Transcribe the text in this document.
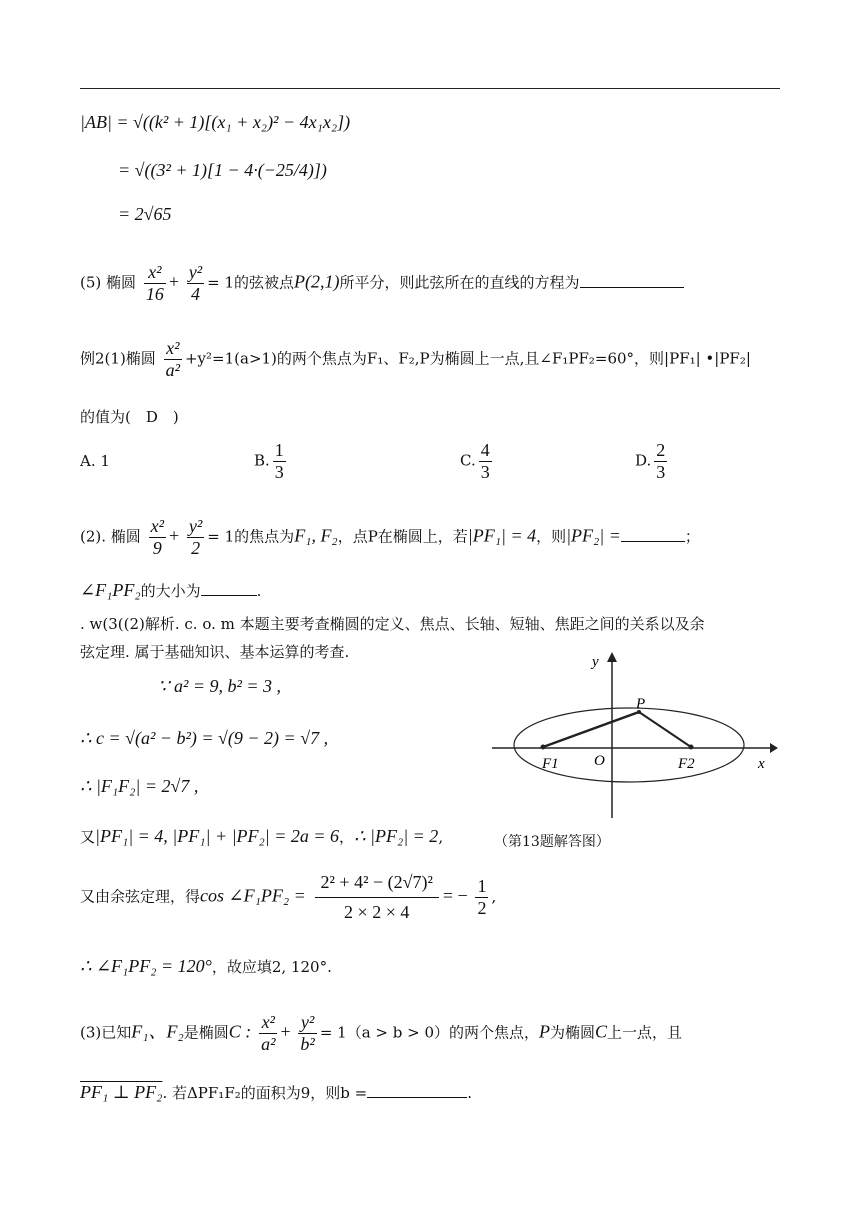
|AB| = √((k² + 1)[(x₁ + x₂)² − 4x₁x₂])
= √((3² + 1)[1 − 4·(−25/4)])
= 2√65
(5) 椭圆 $\frac{\text{x²}}{16} + \frac{\text{y²}}{4} = 1$的弦被点P(2,1)所平分，则此弦所在的直线的方程为
例2(1)椭圆 $\frac{\text{x²}}{\text{a²}} +y^2=1(a>1)$的两个焦点为F₁、F₂,P为椭圆上一点,且∠F₁PF₂=60°，则|PF₁| •|PF₂|
的值为(　D　)
A. 1	B. $\frac{1}{3}$	C. $\frac{4}{3}$	D. $\frac{2}{3}$
(2). 椭圆 $\frac{\text{x²}}{9} + \frac{\text{y²}}{2} = 1$的焦点为F₁, F₂，点P在椭圆上，若|PF₁| = 4，则|PF₂| =	；
∠F₁PF₂的大小为	.
. w(3((2)解析. c. o. m 本题主要考查椭圆的定义、焦点、长轴、短轴、焦距之间的关系以及余
弦定理. 属于基础知识、基本运算的考查.
∵ a² = 9, b² = 3 ,
∴ c = √(a² − b²) = √(9 − 2) = √7 ,
∴ |F₁F₂| = 2√7 ,
又|PF₁| = 4, |PF₁| + |PF₂| = 2a = 6，∴ |PF₂| = 2,
y
x
P
O
F1	F2
（第13题解答图）
又由余弦定理，得cos ∠F₁PF₂ = $\frac{\text{2² + 4² − (2√7)²}}{2 \times 2 \times 4}$ = − $\frac{1}{2}$ ,
∴ ∠F₁PF₂ = 120°，故应填2, 120°.
(3)已知F₁、F₂是椭圆C : $\frac{\text{x²}}{\text{a²}} + \frac{\text{y²}}{\text{b²}} = 1(a > b > 0)$的两个焦点，P为椭圆C上一点，且
PF₁ ⊥ PF₂. 若ΔPF₁F₂的面积为9，则b =	.
